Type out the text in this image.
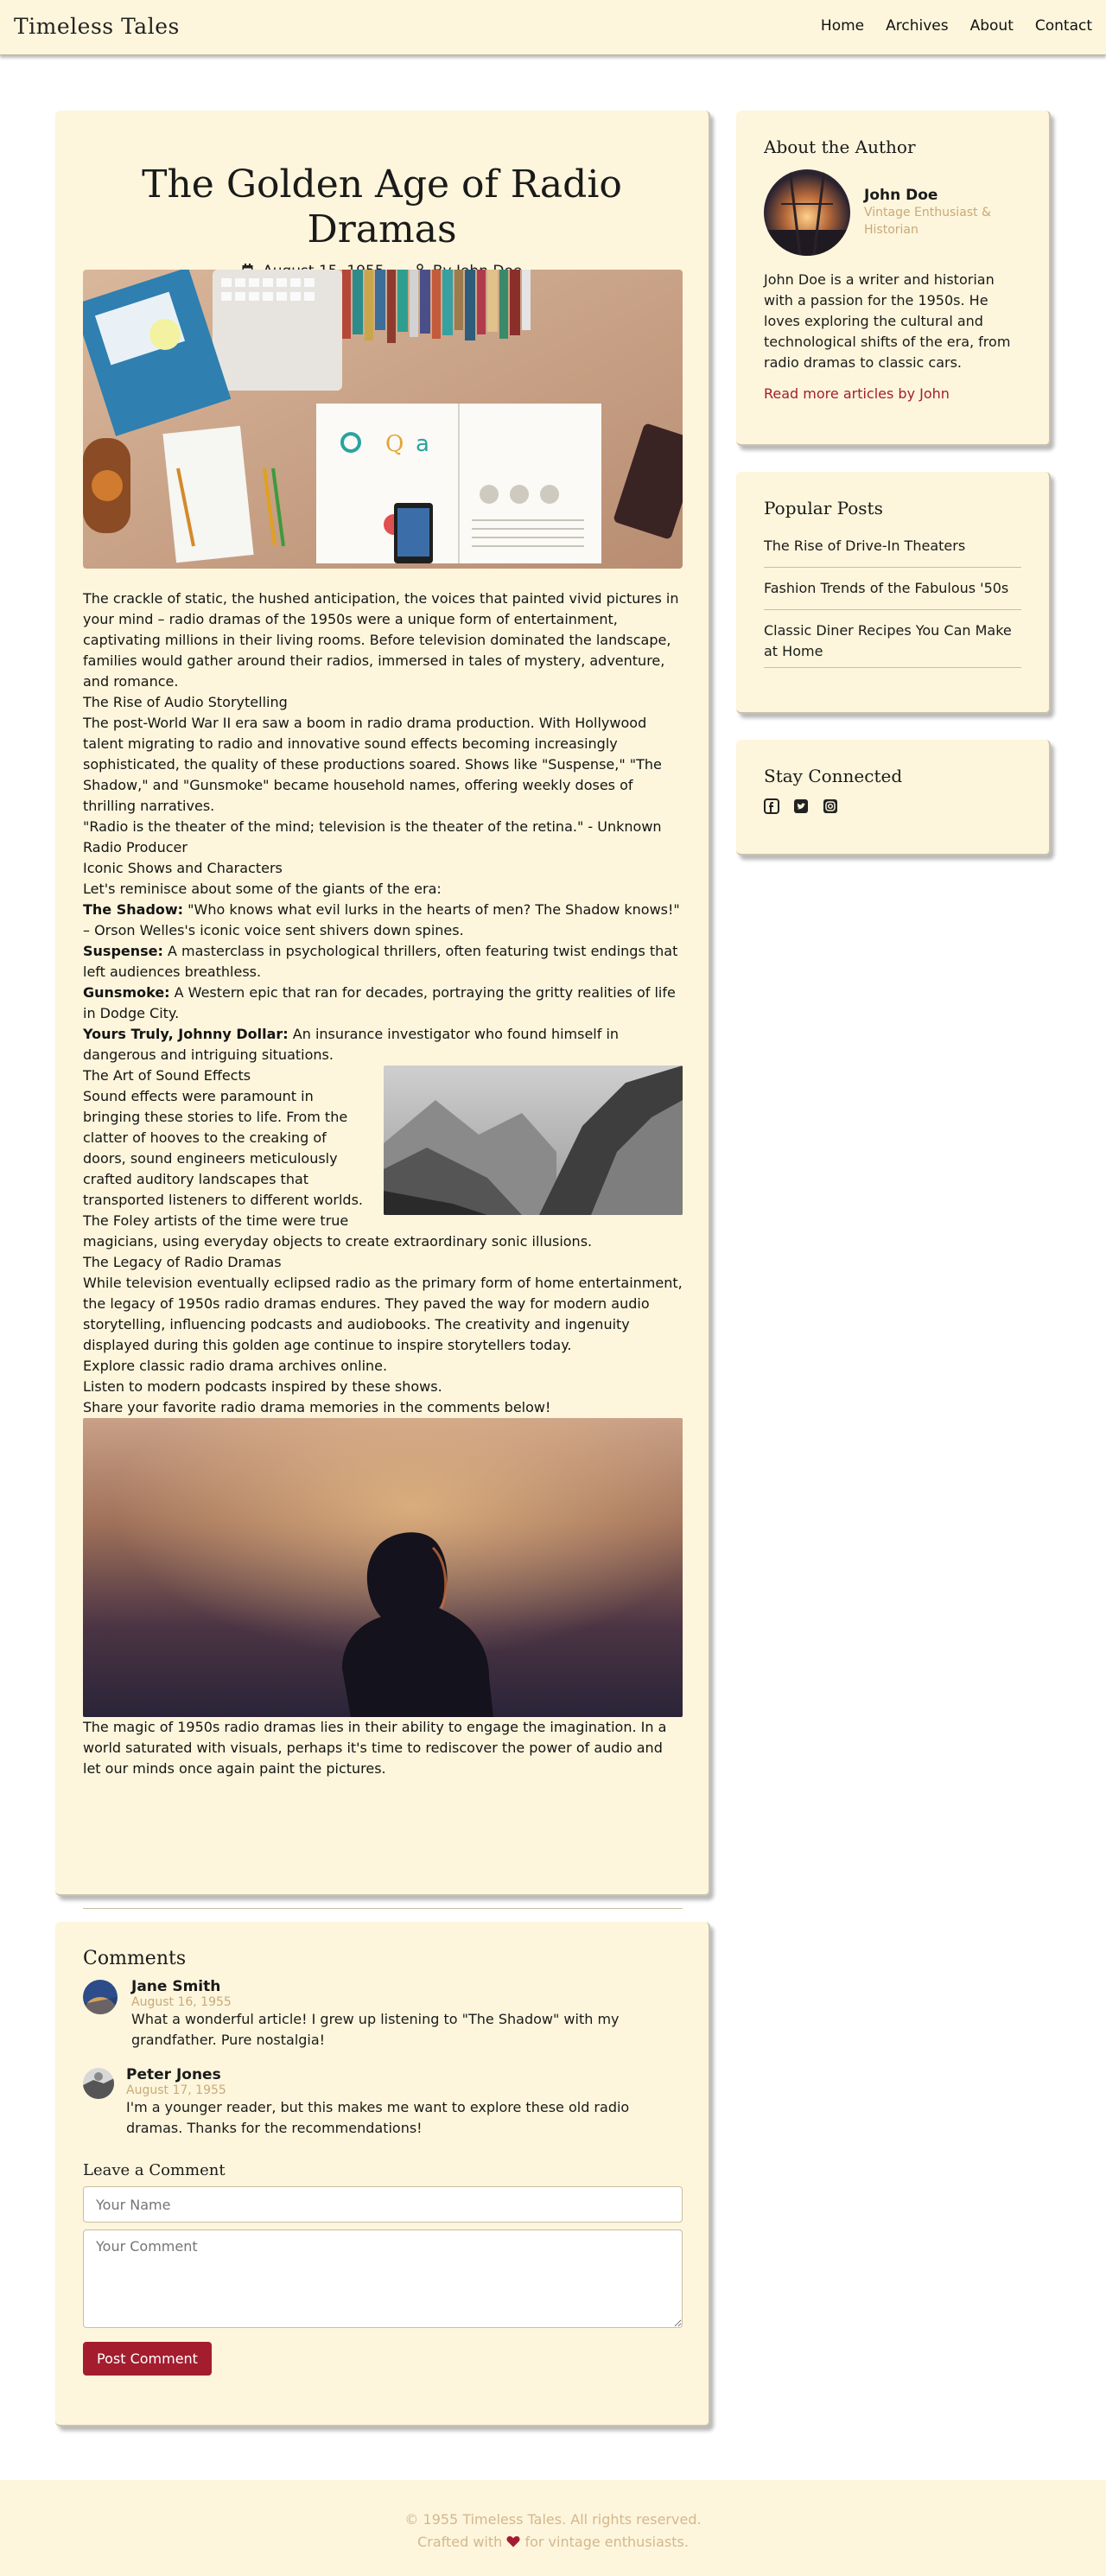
Timeless Tales	Home Archives About Contact
The Golden Age of Radio Dramas

Q a

The crackle of static, the hushed anticipation, the voices that painted vivid pictures in your mind – radio dramas of the 1950s were a unique form of entertainment, captivating millions in their living rooms. Before television dominated the landscape, families would gather around their radios, immersed in tales of mystery, adventure, and romance.

The Rise of Audio Storytelling

The post-World War II era saw a boom in radio drama production. With Hollywood talent migrating to radio and innovative sound effects becoming increasingly sophisticated, the quality of these productions soared. Shows like "Suspense," "The Shadow," and "Gunsmoke" became household names, offering weekly doses of thrilling narratives.

"Radio is the theater of the mind; television is the theater of the retina." - Unknown Radio Producer

Iconic Shows and Characters

Let's reminisce about some of the giants of the era:

The Shadow: "Who knows what evil lurks in the hearts of men? The Shadow knows!" – Orson Welles's iconic voice sent shivers down spines.

Suspense: A masterclass in psychological thrillers, often featuring twist endings that left audiences breathless.

Gunsmoke: A Western epic that ran for decades, portraying the gritty realities of life in Dodge City.

Yours Truly, Johnny Dollar: An insurance investigator who found himself in dangerous and intriguing situations.

The Art of Sound Effects

Sound effects were paramount in bringing these stories to life. From the clatter of hooves to the creaking of doors, sound engineers meticulously crafted auditory landscapes that transported listeners to different worlds. The Foley artists of the time were true magicians, using everyday objects to create extraordinary sonic illusions.

The Legacy of Radio Dramas

While television eventually eclipsed radio as the primary form of home entertainment, the legacy of 1950s radio dramas endures. They paved the way for modern audio storytelling, influencing podcasts and audiobooks. The creativity and ingenuity displayed during this golden age continue to inspire storytellers today.

Explore classic radio drama archives online.

Listen to modern podcasts inspired by these shows.

Share your favorite radio drama memories in the comments below!

The magic of 1950s radio dramas lies in their ability to engage the imagination. In a world saturated with visuals, perhaps it's time to rediscover the power of audio and let our minds once again paint the pictures.

Comments
Jane Smith
August 16, 1955
What a wonderful article! I grew up listening to "The Shadow" with my grandfather. Pure nostalgia!
Peter Jones
August 17, 1955
I'm a younger reader, but this makes me want to explore these old radio dramas. Thanks for the recommendations!
Leave a Comment
Your Name
Your Comment Post Comment
About the Author
John Doe
Vintage Enthusiast & Historian

John Doe is a writer and historian with a passion for the 1950s. He loves exploring the cultural and technological shifts of the era, from radio dramas to classic cars.

Read more articles by John
Popular Posts
The Rise of Drive-In Theaters
Fashion Trends of the Fabulous '50s
Classic Diner Recipes You Can Make at Home
Stay Connected
© 1955 Timeless Tales. All rights reserved.
Crafted with for vintage enthusiasts.
